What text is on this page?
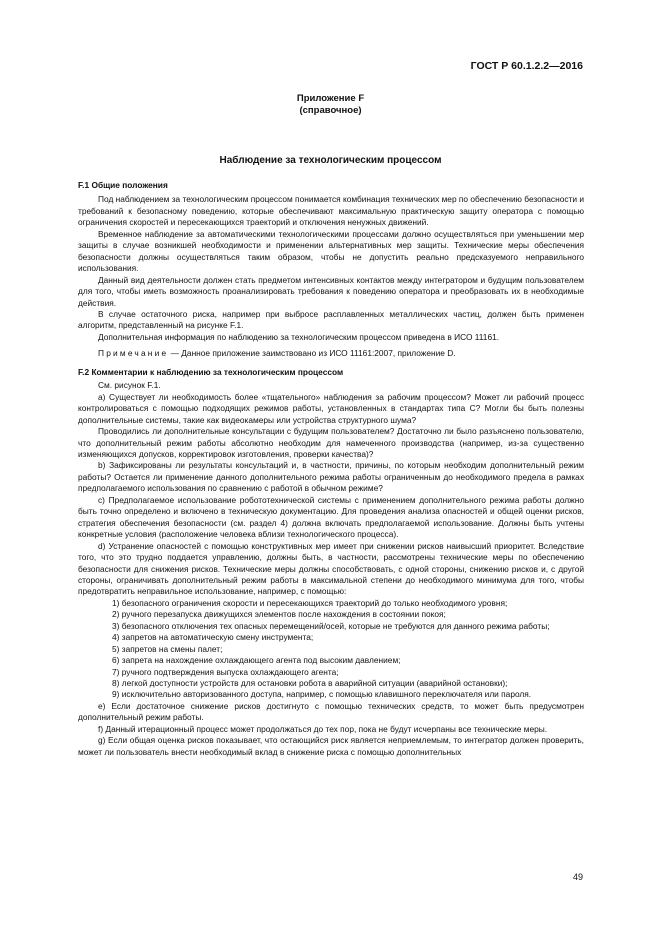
ГОСТ Р 60.1.2.2—2016
Приложение F
(справочное)
Наблюдение за технологическим процессом

F.1 Общие положения

Под наблюдением за технологическим процессом понимается комбинация технических мер по обеспечению безопасности и требований к безопасному поведению, которые обеспечивают максимальную практическую защиту оператора с помощью ограничения скоростей и пересекающихся траекторий и отключения ненужных движений.

Временное наблюдение за автоматическими технологическими процессами должно осуществляться при уменьшении мер защиты в случае возникшей необходимости и применении альтернативных мер защиты. Технические меры обеспечения безопасности должны осуществляться таким образом, чтобы не допустить реально предсказуемого неправильного использования.

Данный вид деятельности должен стать предметом интенсивных контактов между интегратором и будущим пользователем для того, чтобы иметь возможность проанализировать требования к поведению оператора и преобразовать их в необходимые действия.

В случае остаточного риска, например при выбросе расплавленных металлических частиц, должен быть применен алгоритм, представленный на рисунке F.1.

Дополнительная информация по наблюдению за технологическим процессом приведена в ИСО 11161.

Примечание — Данное приложение заимствовано из ИСО 11161:2007, приложение D.

F.2 Комментарии к наблюдению за технологическим процессом

См. рисунок F.1.

a) Существует ли необходимость более «тщательного» наблюдения за рабочим процессом? Может ли рабочий процесс контролироваться с помощью подходящих режимов работы, установленных в стандартах типа C? Могли бы быть полезны дополнительные системы, такие как видеокамеры или устройства структурного шума?

Проводились ли дополнительные консультации с будущим пользователем? Достаточно ли было разъяснено пользователю, что дополнительный режим работы абсолютно необходим для намеченного производства (например, из-за существенно изменяющихся допусков, корректировок изготовления, проверки качества)?

b) Зафиксированы ли результаты консультаций и, в частности, причины, по которым необходим дополнительный режим работы? Остается ли применение данного дополнительного режима работы ограниченным до необходимого предела в рамках предполагаемого использования по сравнению с работой в обычном режиме?

c) Предполагаемое использование робототехнической системы с применением дополнительного режима работы должно быть точно определено и включено в техническую документацию. Для проведения анализа опасностей и общей оценки рисков, стратегия обеспечения безопасности (см. раздел 4) должна включать предполагаемой использование. Должны быть учтены конкретные условия (расположение человека вблизи технологического процесса).

d) Устранение опасностей с помощью конструктивных мер имеет при снижении рисков наивысший приоритет. Вследствие того, что это трудно поддается управлению, должны быть, в частности, рассмотрены технические меры по обеспечению безопасности для снижения рисков. Технические меры должны способствовать, с одной стороны, снижению рисков и, с другой стороны, ограничивать дополнительный режим работы в максимальной степени до необходимого минимума для того, чтобы предотвратить неправильное использование, например, с помощью:

1) безопасного ограничения скорости и пересекающихся траекторий до только необходимого уровня;

2) ручного перезапуска движущихся элементов после нахождения в состоянии покоя;

3) безопасного отключения тех опасных перемещений/осей, которые не требуются для данного режима работы;

4) запретов на автоматическую смену инструмента;

5) запретов на смены палет;

6) запрета на нахождение охлаждающего агента под высоким давлением;

7) ручного подтверждения выпуска охлаждающего агента;

8) легкой доступности устройств для остановки робота в аварийной ситуации (аварийной остановки);

9) исключительно авторизованного доступа, например, с помощью клавишного переключателя или пароля.

e) Если достаточное снижение рисков достигнуто с помощью технических средств, то может быть предусмотрен дополнительный режим работы.

f) Данный итерационный процесс может продолжаться до тех пор, пока не будут исчерпаны все технические меры.

g) Если общая оценка рисков показывает, что остающийся риск является неприемлемым, то интегратор должен проверить, может ли пользователь внести необходимый вклад в снижение риска с помощью дополнительных

49
